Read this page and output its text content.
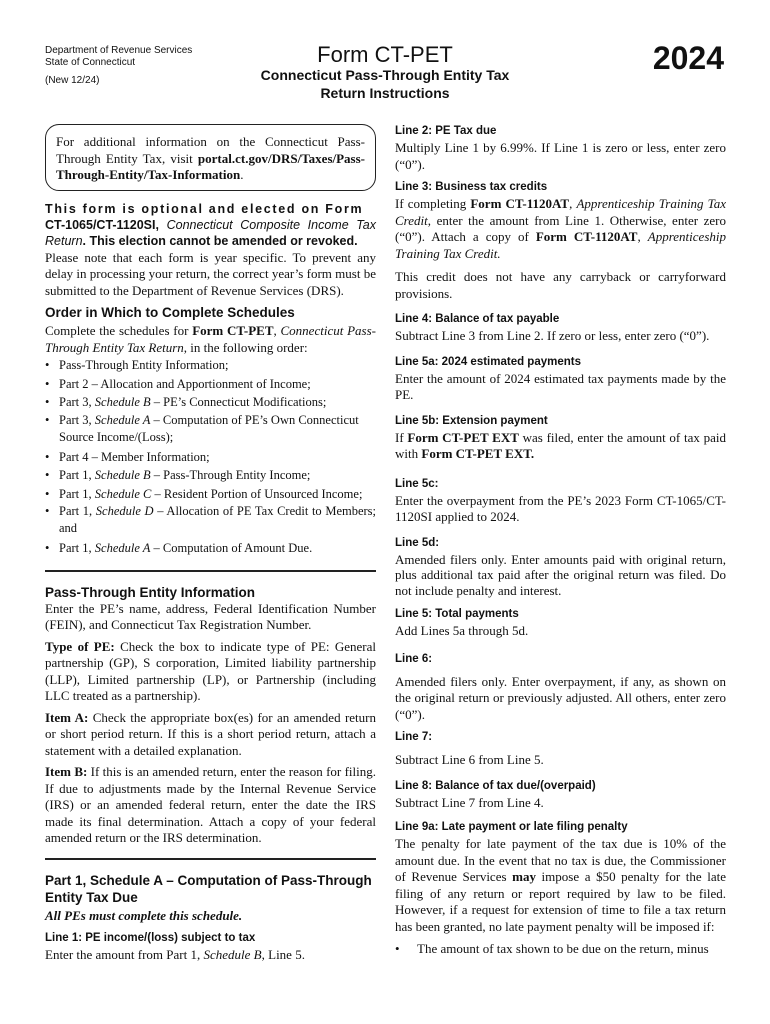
Department of Revenue Services
State of Connecticut
(New 12/24)
Form CT-PET
Connecticut Pass-Through Entity Tax
Return Instructions
2024
For additional information on the Connecticut Pass-Through Entity Tax, visit portal.ct.gov/DRS/Taxes/Pass-Through-Entity/Tax-Information.

This form is optional and elected on Form

CT-1065/CT-1120SI, Connecticut Composite Income Tax Return. This election cannot be amended or revoked.

Please note that each form is year specific. To prevent any delay in processing your return, the correct year’s form must be submitted to the Department of Revenue Services (DRS).

Order in Which to Complete Schedules

Complete the schedules for Form CT-PET, Connecticut Pass-Through Entity Tax Return, in the following order:

• Pass-Through Entity Information;
• Part 2 – Allocation and Apportionment of Income;
• Part 3, Schedule B – PE’s Connecticut Modifications;
• Part 3, Schedule A – Computation of PE’s Own Connecticut Source Income/(Loss);
• Part 4 – Member Information;
• Part 1, Schedule B – Pass-Through Entity Income;
• Part 1, Schedule C – Resident Portion of Unsourced Income;
• Part 1, Schedule D – Allocation of PE Tax Credit to Members; and
• Part 1, Schedule A – Computation of Amount Due.

Pass-Through Entity Information

Enter the PE’s name, address, Federal Identification Number (FEIN), and Connecticut Tax Registration Number.

Type of PE: Check the box to indicate type of PE: General partnership (GP), S corporation, Limited liability partnership (LLP), Limited partnership (LP), or Partnership (including LLC treated as a partnership).

Item A: Check the appropriate box(es) for an amended return or short period return. If this is a short period return, attach a statement with a detailed explanation.

Item B: If this is an amended return, enter the reason for filing. If due to adjustments made by the Internal Revenue Service (IRS) or an amended federal return, enter the date the IRS made its final determination. Attach a copy of your federal amended return or the IRS determination.

Part 1, Schedule A – Computation of Pass-Through Entity Tax Due

All PEs must complete this schedule.

Line 1: PE income/(loss) subject to tax

Enter the amount from Part 1, Schedule B, Line 5.

Line 2: PE Tax due

Multiply Line 1 by 6.99%. If Line 1 is zero or less, enter zero (“0”).

Line 3: Business tax credits

If completing Form CT-1120AT, Apprenticeship Training Tax Credit, enter the amount from Line 1. Otherwise, enter zero (“0”). Attach a copy of Form CT-1120AT, Apprenticeship Training Tax Credit.

This credit does not have any carryback or carryforward provisions.

Line 4: Balance of tax payable

Subtract Line 3 from Line 2. If zero or less, enter zero (“0”).

Line 5a: 2024 estimated payments

Enter the amount of 2024 estimated tax payments made by the PE.

Line 5b: Extension payment

If Form CT-PET EXT was filed, enter the amount of tax paid with Form CT-PET EXT.

Line 5c:

Enter the overpayment from the PE’s 2023 Form CT-1065/CT-1120SI applied to 2024.

Line 5d:

Amended filers only. Enter amounts paid with original return, plus additional tax paid after the original return was filed. Do not include penalty and interest.

Line 5: Total payments

Add Lines 5a through 5d.

Line 6:

Amended filers only. Enter overpayment, if any, as shown on the original return or previously adjusted. All others, enter zero (“0”).

Line 7:

Subtract Line 6 from Line 5.

Line 8: Balance of tax due/(overpaid)

Subtract Line 7 from Line 4.

Line 9a: Late payment or late filing penalty

The penalty for late payment of the tax due is 10% of the amount due. In the event that no tax is due, the Commissioner of Revenue Services may impose a $50 penalty for the late filing of any return or report required by law to be filed. However, if a request for extension of time to file a tax return has been granted, no late payment penalty will be imposed if:

• The amount of tax shown to be due on the return, minus
